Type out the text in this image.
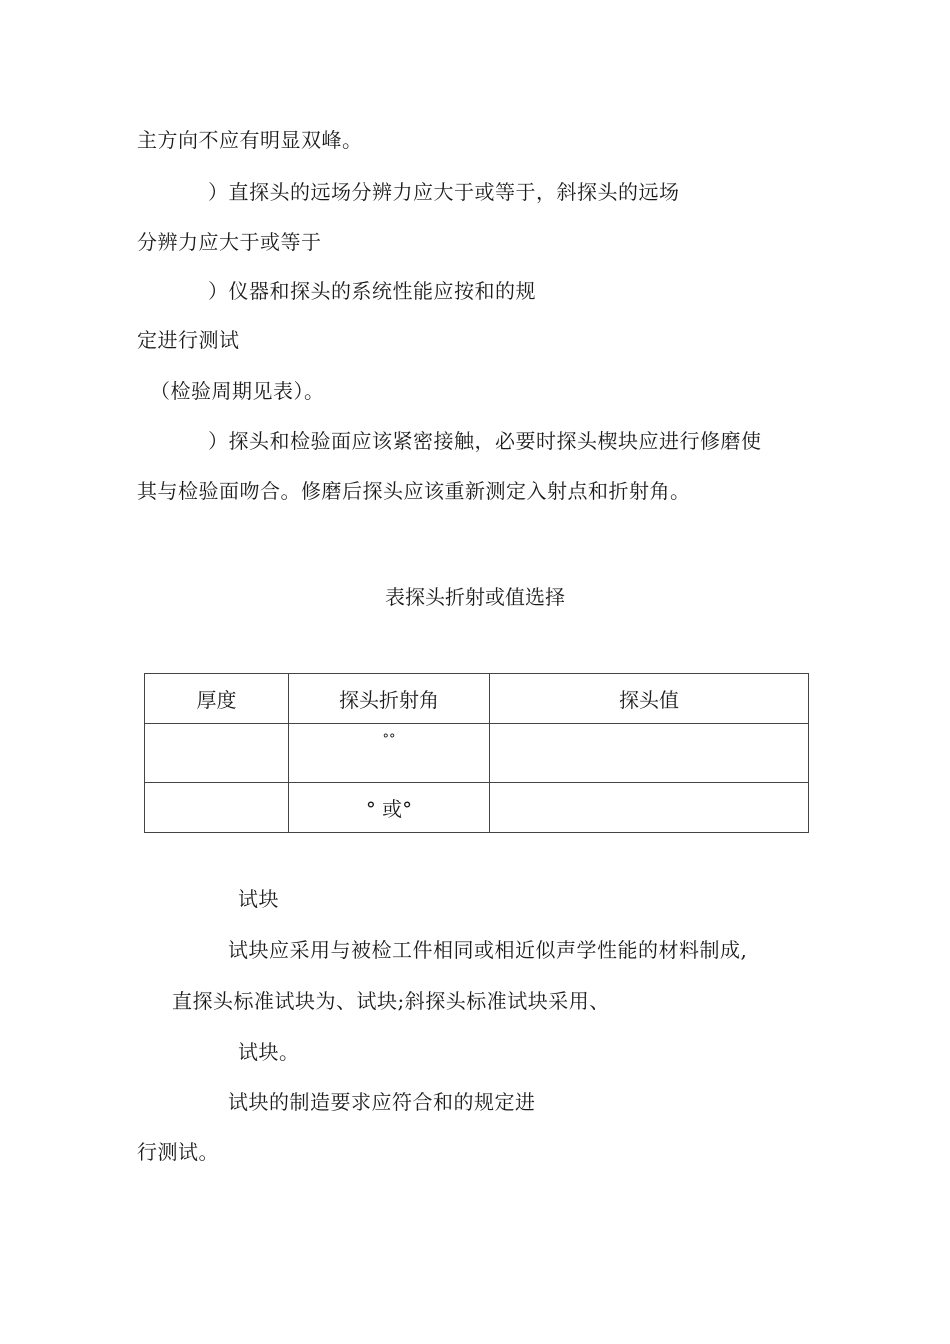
主方向不应有明显双峰。
）直探头的远场分辨力应大于或等于，斜探头的远场
分辨力应大于或等于
）仪器和探头的系统性能应按和的规
定进行测试
（检验周期见表）。
）探头和检验面应该紧密接触，必要时探头楔块应进行修磨使
其与检验面吻合。修磨后探头应该重新测定入射点和折射角。
表探头折射或值选择
厚度	探头折射角	探头值
	°°	
	° 或°	
试块
试块应采用与被检工件相同或相近似声学性能的材料制成,
直探头标准试块为、试块;斜探头标准试块采用、
试块。
试块的制造要求应符合和的规定进
行测试。
